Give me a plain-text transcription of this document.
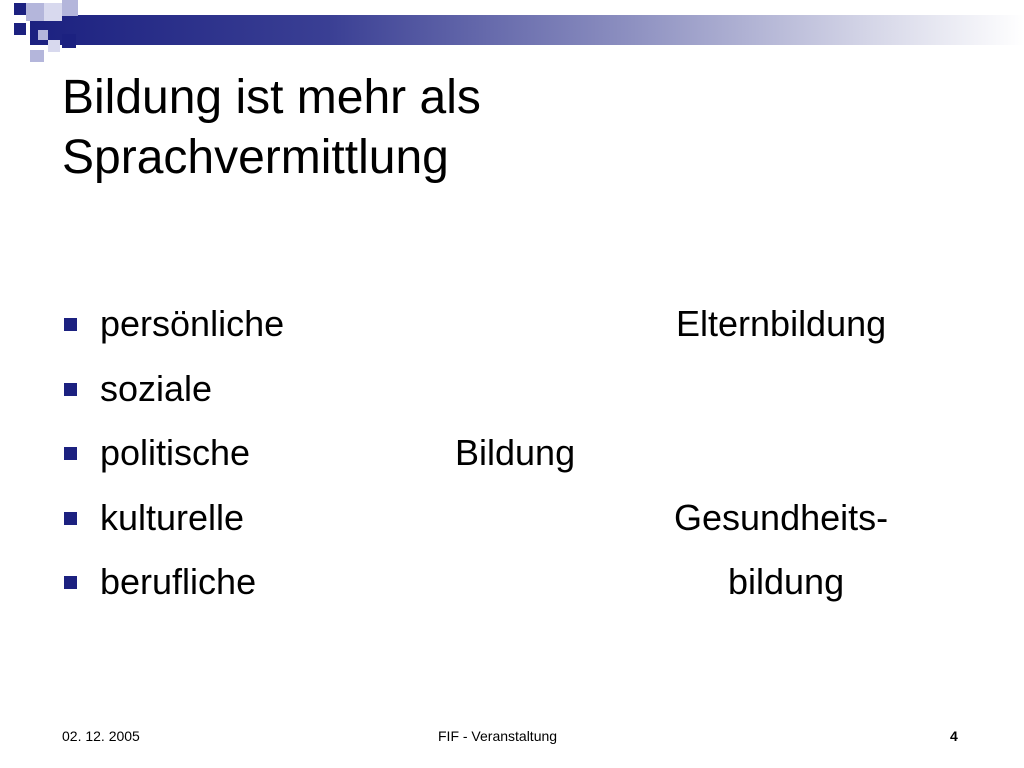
Bildung ist mehr als
Sprachvermittlung
persönliche	Elternbildung
soziale
politische	Bildung
kulturelle	Gesundheits-
berufliche	bildung
02. 12. 2005	FIF - Veranstaltung	4
